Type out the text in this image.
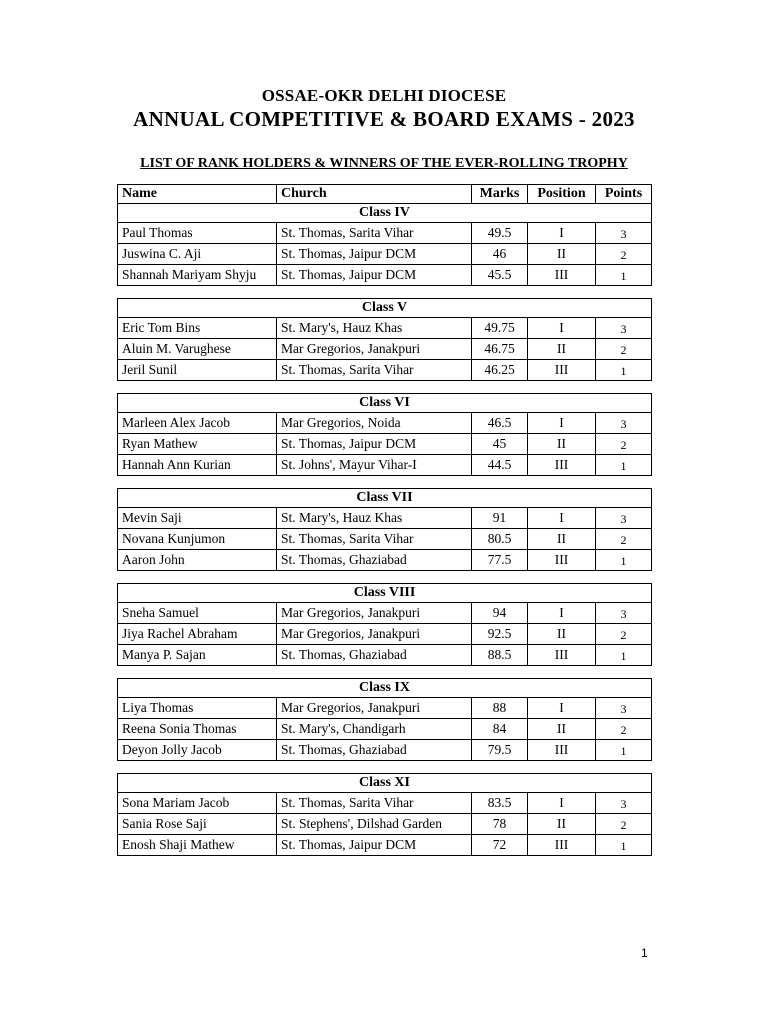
OSSAE-OKR DELHI DIOCESE
ANNUAL COMPETITIVE & BOARD EXAMS - 2023
LIST OF RANK HOLDERS & WINNERS OF THE EVER-ROLLING TROPHY
Name	Church	Marks	Position	Points
Class IV				
Paul Thomas	St. Thomas, Sarita Vihar	49.5	I	3
Juswina C. Aji	St. Thomas, Jaipur DCM	46	II	2
Shannah Mariyam Shyju	St. Thomas, Jaipur DCM	45.5	III	1
Class V				
Eric Tom Bins	St. Mary's, Hauz Khas	49.75	I	3
Aluin M. Varughese	Mar Gregorios, Janakpuri	46.75	II	2
Jeril Sunil	St. Thomas, Sarita Vihar	46.25	III	1
Class VI				
Marleen Alex Jacob	Mar Gregorios, Noida	46.5	I	3
Ryan Mathew	St. Thomas, Jaipur DCM	45	II	2
Hannah Ann Kurian	St. Johns', Mayur Vihar-I	44.5	III	1
Class VII				
Mevin Saji	St. Mary's, Hauz Khas	91	I	3
Novana Kunjumon	St. Thomas, Sarita Vihar	80.5	II	2
Aaron John	St. Thomas, Ghaziabad	77.5	III	1
Class VIII				
Sneha Samuel	Mar Gregorios, Janakpuri	94	I	3
Jiya Rachel Abraham	Mar Gregorios, Janakpuri	92.5	II	2
Manya P. Sajan	St. Thomas, Ghaziabad	88.5	III	1
Class IX				
Liya Thomas	Mar Gregorios, Janakpuri	88	I	3
Reena Sonia Thomas	St. Mary's, Chandigarh	84	II	2
Deyon Jolly Jacob	St. Thomas, Ghaziabad	79.5	III	1
Class XI				
Sona Mariam Jacob	St. Thomas, Sarita Vihar	83.5	I	3
Sania Rose Saji	St. Stephens', Dilshad Garden	78	II	2
Enosh Shaji Mathew	St. Thomas, Jaipur DCM	72	III	1
1
